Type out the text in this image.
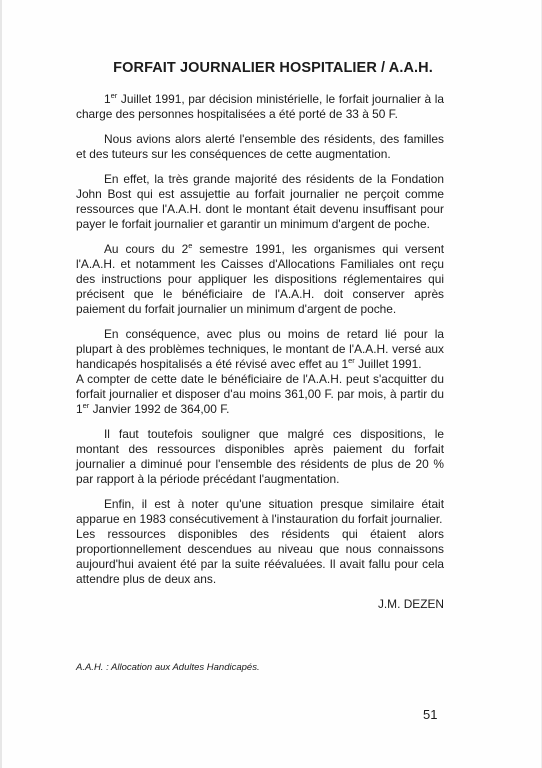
FORFAIT JOURNALIER HOSPITALIER / A.A.H.

1er Juillet 1991, par décision ministérielle, le forfait journalier à la charge des personnes hospitalisées a été porté de 33 à 50 F.

Nous avions alors alerté l'ensemble des résidents, des familles et des tuteurs sur les conséquences de cette augmentation.

En effet, la très grande majorité des résidents de la Fondation John Bost qui est assujettie au forfait journalier ne perçoit comme ressources que l'A.A.H. dont le montant était devenu insuffisant pour payer le forfait journalier et garantir un minimum d'argent de poche.

Au cours du 2e semestre 1991, les organismes qui versent l'A.A.H. et notamment les Caisses d'Allocations Familiales ont reçu des instructions pour appliquer les dispositions réglementaires qui précisent que le bénéficiaire de l'A.A.H. doit conserver après paiement du forfait journalier un minimum d'argent de poche.

En conséquence, avec plus ou moins de retard lié pour la plupart à des problèmes techniques, le montant de l'A.A.H. versé aux handicapés hospitalisés a été révisé avec effet au 1er Juillet 1991.
A compter de cette date le bénéficiaire de l'A.A.H. peut s'acquitter du forfait journalier et disposer d'au moins 361,00 F. par mois, à partir du 1er Janvier 1992 de 364,00 F.

Il faut toutefois souligner que malgré ces dispositions, le montant des ressources disponibles après paiement du forfait journalier a diminué pour l'ensemble des résidents de plus de 20 % par rapport à la période précédant l'augmentation.

Enfin, il est à noter qu'une situation presque similaire était apparue en 1983 consécutivement à l'instauration du forfait journalier.
Les ressources disponibles des résidents qui étaient alors proportionnellement descendues au niveau que nous connaissons aujourd'hui avaient été par la suite réévaluées. Il avait fallu pour cela attendre plus de deux ans.

J.M. DEZEN
A.A.H. : Allocation aux Adultes Handicapés.
51
